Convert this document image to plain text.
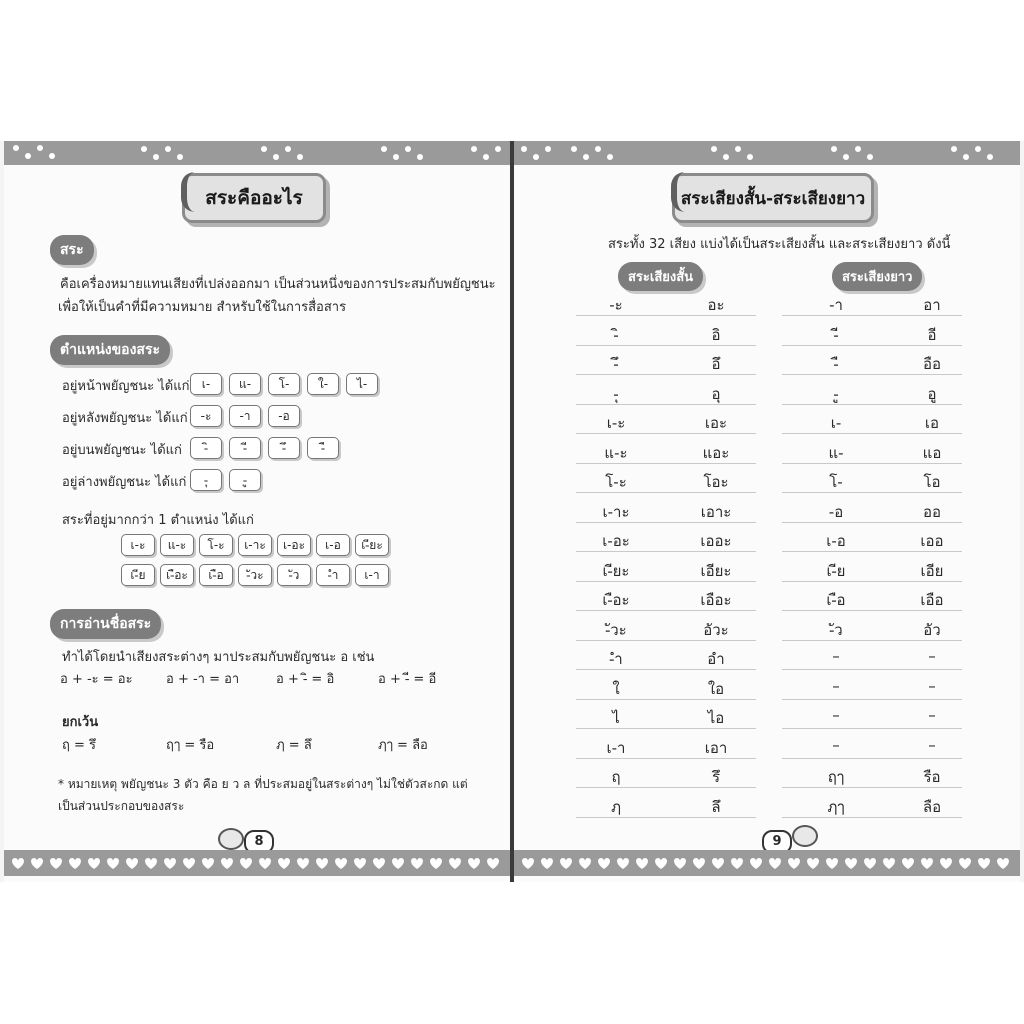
สระคืออะไร
สระ
คือเครื่องหมายแทนเสียงที่เปล่งออกมา เป็นส่วนหนึ่งของการประสมกับพยัญชนะ
เพื่อให้เป็นคำที่มีความหมาย สำหรับใช้ในการสื่อสาร
ตำแหน่งของสระ
อยู่หน้าพยัญชนะ ได้แก่	เ-	แ-	โ-	ใ-	ไ-
อยู่หลังพยัญชนะ ได้แก่	-ะ	-า	-อ
อยู่บนพยัญชนะ ได้แก่	-ิ	-ี	-ึ	-ื
อยู่ล่างพยัญชนะ ได้แก่	-ุ	-ู
สระที่อยู่มากกว่า 1 ตำแหน่ง ได้แก่
เ-ะ	แ-ะ	โ-ะ	เ-าะ	เ-อะ	เ-อ	เ-ียะ
เ-ีย	เ-ือะ	เ-ือ	-ัวะ	-ัว	-ำ	เ-า
การอ่านชื่อสระ
ทำได้โดยนำเสียงสระต่างๆ มาประสมกับพยัญชนะ อ เช่น
อ + -ะ = อะ	อ + -า = อา	อ + -ิ = อิ	อ + -ี = อี
ยกเว้น
ฤ = รึ	ฤๅ = รือ	ฦ = ลึ	ฦๅ = ลือ
* หมายเหตุ พยัญชนะ 3 ตัว คือ ย ว ล ที่ประสมอยู่ในสระต่างๆ ไม่ใช่ตัวสะกด แต่
เป็นส่วนประกอบของสระ
8
สระเสียงสั้น-สระเสียงยาว
สระทั้ง 32 เสียง แบ่งได้เป็นสระเสียงสั้น และสระเสียงยาว ดังนี้
สระเสียงสั้น	สระเสียงยาว
-ะ	อะ	-า	อา
-ิ	อิ	-ี	อี
-ึ	อึ	-ื	อือ
-ุ	อุ	-ู	อู
เ-ะ	เอะ	เ-	เอ
แ-ะ	แอะ	แ-	แอ
โ-ะ	โอะ	โ-	โอ
เ-าะ	เอาะ	-อ	ออ
เ-อะ	เออะ	เ-อ	เออ
เ-ียะ	เอียะ	เ-ีย	เอีย
เ-ือะ	เอือะ	เ-ือ	เอือ
-ัวะ	อัวะ	-ัว	อัว
-ำ	อำ	–	–
ใ	ใอ	–	–
ไ	ไอ	–	–
เ-า	เอา	–	–
ฤ	รึ	ฤๅ	รือ
ฦ	ลึ	ฦๅ	ลือ
9
